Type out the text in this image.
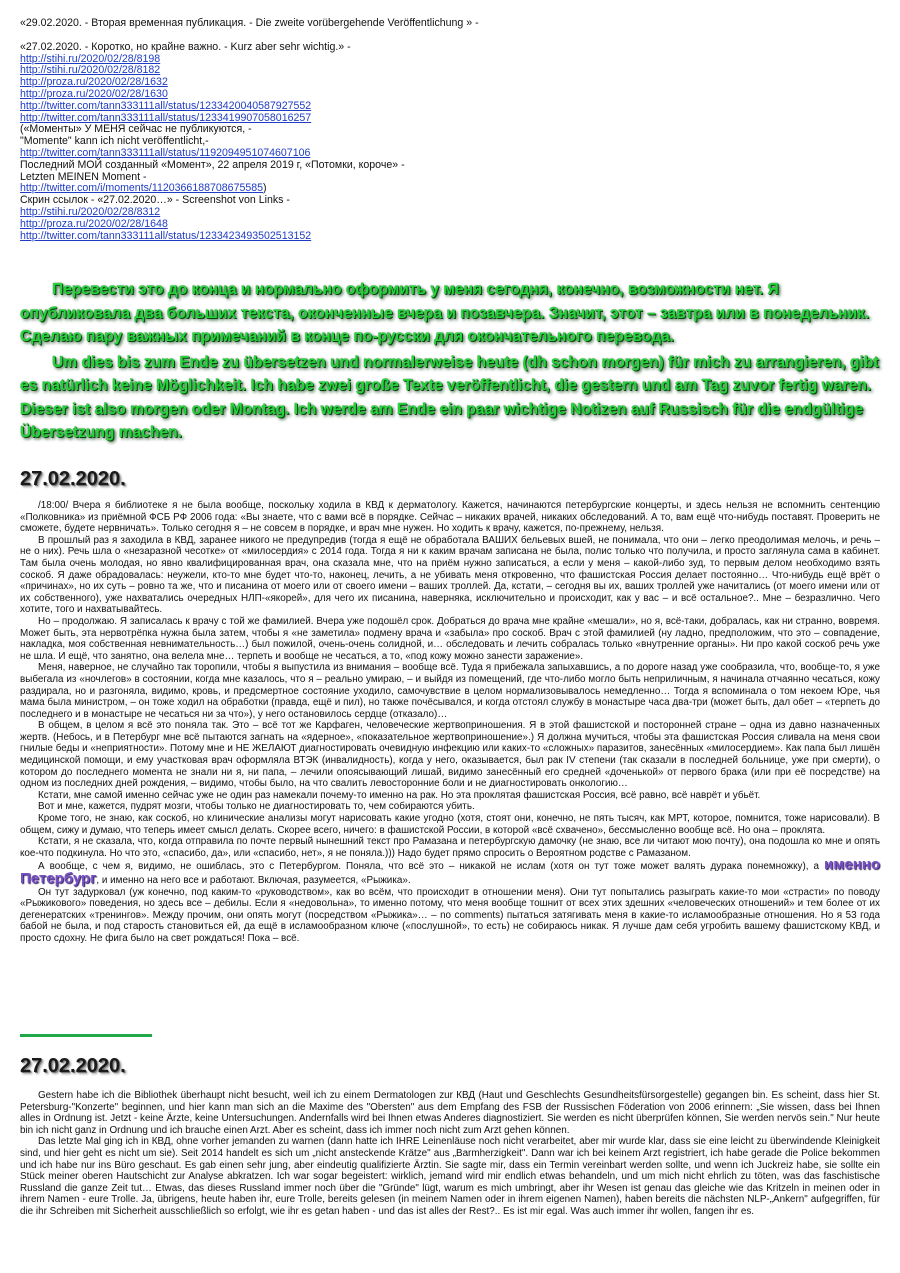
«29.02.2020. - Вторая временная публикация. - Die zweite vorübergehende Veröffentlichung » -
«27.02.2020. - Коротко, но крайне важно. - Kurz aber sehr wichtig.» -
http://stihi.ru/2020/02/28/8198
http://stihi.ru/2020/02/28/8182
http://proza.ru/2020/02/28/1632
http://proza.ru/2020/02/28/1630
http://twitter.com/tann333111all/status/1233420040587927552
http://twitter.com/tann333111all/status/1233419907058016257
(«Моменты» У МЕНЯ сейчас не публикуются, -
"Momente" kann ich nicht veröffentlicht,-
http://twitter.com/tann333111all/status/1192094951074607106
Последний МОЙ созданный «Момент», 22 апреля 2019 г, «Потомки, короче» -
Letzten MEINEN Moment -
http://twitter.com/i/moments/1120366188708675585)
Скрин ссылок - «27.02.2020…» - Screenshot von Links -
http://stihi.ru/2020/02/28/8312
http://proza.ru/2020/02/28/1648
http://twitter.com/tann333111all/status/1233423493502513152

Перевести это до конца и нормально оформить у меня сегодня, конечно, возможности нет. Я опубликовала два больших текста, оконченные вчера и позавчера. Значит, этот – завтра или в понедельник. Сделаю пару важных примечаний в конце по-русски для окончательного перевода.

Um dies bis zum Ende zu übersetzen und normalerweise heute (dh schon morgen) für mich zu arrangieren, gibt es natürlich keine Möglichkeit. Ich habe zwei große Texte veröffentlicht, die gestern und am Tag zuvor fertig waren. Dieser ist also morgen oder Montag. Ich werde am Ende ein paar wichtige Notizen auf Russisch für die endgültige Übersetzung machen.

27.02.2020.

/18:00/ Вчера я библиотеке я не была вообще, поскольку ходила в КВД к дерматологу. Кажется, начинаются петербургские концерты, и здесь нельзя не вспомнить сентенцию «Полковника» из приёмной ФСБ РФ 2006 года: «Вы знаете, что с вами всё в порядке. Сейчас – никаких врачей, никаких обследований. А то, вам ещё что-нибудь поставят. Проверить не сможете, будете нервничать». Только сегодня я – не совсем в порядке, и врач мне нужен. Но ходить к врачу, кажется, по-прежнему, нельзя.

В прошлый раз я заходила в КВД, заранее никого не предупредив (тогда я ещё не обработала ВАШИХ бельевых вшей, не понимала, что они – легко преодолимая мелочь, и речь – не о них). Речь шла о «незаразной чесотке» от «милосердия» с 2014 года. Тогда я ни к каким врачам записана не была, полис только что получила, и просто заглянула сама в кабинет. Там была очень молодая, но явно квалифицированная врач, она сказала мне, что на приём нужно записаться, а если у меня – какой-либо зуд, то первым делом необходимо взять соскоб. Я даже обрадовалась: неужели, кто-то мне будет что-то, наконец, лечить, а не убивать меня откровенно, что фашистская Россия делает постоянно… Что-нибудь ещё врёт о «причинах», но их суть – ровно та же, что и писанина от моего или от своего имени – ваших троллей. Да, кстати, – сегодня вы их, ваших троллей уже начитались (от моего имени или от их собственного), уже нахватались очередных НЛП-«якорей», для чего их писанина, наверняка, исключительно и происходит, как у вас – и всё остальное?.. Мне – безразлично. Чего хотите, того и нахватывайтесь.

Но – продолжаю. Я записалась к врачу с той же фамилией. Вчера уже подошёл срок. Добраться до врача мне крайне «мешали», но я, всё-таки, добралась, как ни странно, вовремя. Может быть, эта нервотрёпка нужна была затем, чтобы я «не заметила» подмену врача и «забыла» про соскоб. Врач с этой фамилией (ну ладно, предположим, что это – совпадение, накладка, моя собственная невнимательность…) был пожилой, очень-очень солидной, и… обследовать и лечить собралась только «внутренние органы». Ни про какой соскоб речь уже не шла. И ещё, что занятно, она велела мне… терпеть и вообще не чесаться, а то, «под кожу можно занести заражение».

Меня, наверное, не случайно так торопили, чтобы я выпустила из внимания – вообще всё. Туда я прибежала запыхавшись, а по дороге назад уже сообразила, что, вообще-то, я уже выбегала из «ночлегов» в состоянии, когда мне казалось, что я – реально умираю, – и выйдя из помещений, где что-либо могло быть неприличным, я начинала отчаянно чесаться, кожу раздирала, но и разгоняла, видимо, кровь, и предсмертное состояние уходило, самочувствие в целом нормализовывалось немедленно… Тогда я вспоминала о том некоем Юре, чья мама была министром, – он тоже ходил на обработки (правда, ещё и пил), но также почёсывался, и когда отстоял службу в монастыре часа два-три (может быть, дал обет – «терпеть до последнего и в монастыре не чесаться ни за что»), у него остановилось сердце (отказало)…

В общем, в целом я всё это поняла так. Это – всё тот же Карфаген, человеческие жертвоприношения. Я в этой фашистской и посторонней стране – одна из давно назначенных жертв. (Небось, и в Петербург мне всё пытаются загнать на «ядерное», «показательное жертвоприношение».) Я должна мучиться, чтобы эта фашистская Россия сливала на меня свои гнилые беды и «неприятности». Потому мне и НЕ ЖЕЛАЮТ диагностировать очевидную инфекцию или каких-то «сложных» паразитов, занесённых «милосердием». Как папа был лишён медицинской помощи, и ему участковая врач оформляла ВТЭК (инвалидность), когда у него, оказывается, был рак IV степени (так сказали в последней больнице, уже при смерти), о котором до последнего момента не знали ни я, ни папа, – лечили опоясывающий лишай, видимо занесённый его средней «доченькой» от первого брака (или при её посредстве) на одном из последних дней рождения, – видимо, чтобы было, на что свалить левосторонние боли и не диагностировать онкологию…

Кстати, мне самой именно сейчас уже не один раз намекали почему-то именно на рак. Но эта проклятая фашистская Россия, всё равно, всё наврёт и убьёт.

Вот и мне, кажется, пудрят мозги, чтобы только не диагностировать то, чем собираются убить.

Кроме того, не знаю, как соскоб, но клинические анализы могут нарисовать какие угодно (хотя, стоят они, конечно, не пять тысяч, как МРТ, которое, помнится, тоже нарисовали). В общем, сижу и думаю, что теперь имеет смысл делать. Скорее всего, ничего: в фашистской России, в которой «всё схвачено», бессмысленно вообще всё. Но она – проклята.

Кстати, я не сказала, что, когда отправила по почте первый нынешний текст про Рамазана и петербургскую дамочку (не знаю, все ли читают мою почту), она подошла ко мне и опять кое-что подкинула. Но что это, «спасибо, да», или «спасибо, нет», я не поняла.))) Надо будет прямо спросить о Вероятном родстве с Рамазаном.

А вообще, с чем я, видимо, не ошиблась, это с Петербургом. Поняла, что всё это – никакой не ислам (хотя он тут тоже может валять дурака понемножку), а именно Петербург, и именно на него все и работают. Включая, разумеется, «Рыжика».

Он тут задурковал (уж конечно, под каким-то «руководством», как во всём, что происходит в отношении меня). Они тут попытались разыграть какие-то мои «страсти» по поводу «Рыжикового» поведения, но здесь все – дебилы. Если я «недовольна», то именно потому, что меня вообще тошнит от всех этих здешних «человеческих отношений» и тем более от их дегенератских «тренингов». Между прочим, они опять могут (посредством «Рыжика»… – no comments) пытаться затягивать меня в какие-то исламообразные отношения. Но я 53 года бабой не была, и под старость становиться ей, да ещё в исламообразном ключе («послушной», то есть) не собираюсь никак. Я лучше дам себя угробить вашему фашистскому КВД, и просто сдохну. Не фига было на свет рождаться! Пока – всё.

27.02.2020.

Gestern habe ich die Bibliothek überhaupt nicht besucht, weil ich zu einem Dermatologen zur КВД (Haut und Geschlechts Gesundheitsfürsorgestelle) gegangen bin. Es scheint, dass hier St. Petersburg-"Konzerte" beginnen, und hier kann man sich an die Maxime des "Obersten" aus dem Empfang des FSB der Russischen Föderation von 2006 erinnern: „Sie wissen, dass bei Ihnen alles in Ordnung ist. Jetzt - keine Ärzte, keine Untersuchungen. Andernfalls wird bei Ihnen etwas Anderes diagnostiziert. Sie werden es nicht überprüfen können, Sie werden nervös sein." Nur heute bin ich nicht ganz in Ordnung und ich brauche einen Arzt. Aber es scheint, dass ich immer noch nicht zum Arzt gehen können.

Das letzte Mal ging ich in КВД, ohne vorher jemanden zu warnen (dann hatte ich IHRE Leinenläuse noch nicht verarbeitet, aber mir wurde klar, dass sie eine leicht zu überwindende Kleinigkeit sind, und hier geht es nicht um sie). Seit 2014 handelt es sich um „nicht ansteckende Krätze" aus „Barmherzigkeit". Dann war ich bei keinem Arzt registriert, ich habe gerade die Police bekommen und ich habe nur ins Büro geschaut. Es gab einen sehr jung, aber eindeutig qualifizierte Ärztin. Sie sagte mir, dass ein Termin vereinbart werden sollte, und wenn ich Juckreiz habe, sie sollte ein Stück meiner oberen Hautschicht zur Analyse abkratzen. Ich war sogar begeistert: wirklich, jemand wird mir endlich etwas behandeln, und um mich nicht ehrlich zu töten, was das faschistische Russland die ganze Zeit tut… Etwas, das dieses Russland immer noch über die "Gründe" lügt, warum es mich umbringt, aber ihr Wesen ist genau das gleiche wie das Kritzeln in meinen oder in ihrem Namen - eure Trolle. Ja, übrigens, heute haben ihr, eure Trolle, bereits gelesen (in meinem Namen oder in ihrem eigenen Namen), haben bereits die nächsten NLP-„Ankern" aufgegriffen, für die ihr Schreiben mit Sicherheit ausschließlich so erfolgt, wie ihr es getan haben - und das ist alles der Rest?.. Es ist mir egal. Was auch immer ihr wollen, fangen ihr es.
